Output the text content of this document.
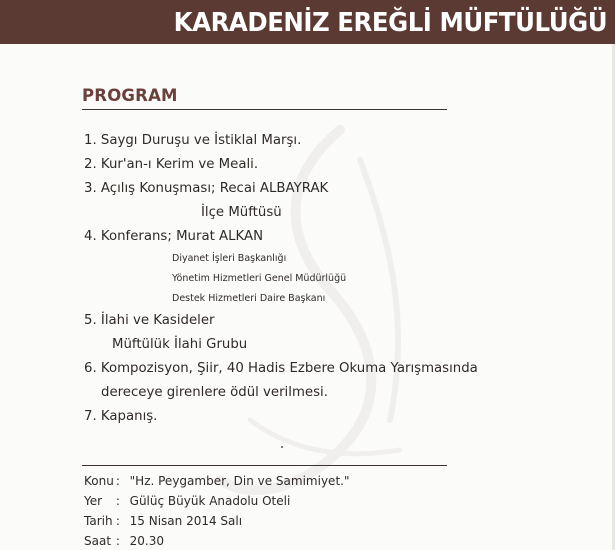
KARADENİZ EREĞLİ MÜFTÜLÜĞÜ
PROGRAM
1. Saygı Duruşu ve İstiklal Marşı.
2. Kur'an-ı Kerim ve Meali.
3. Açılış Konuşması; Recai ALBAYRAK
İlçe Müftüsü
4. Konferans; Murat ALKAN
Diyanet İşleri Başkanlığı
Yönetim Hizmetleri Genel Müdürlüğü
Destek Hizmetleri Daire Başkanı
5. İlahi ve Kasideler
Müftülük İlahi Grubu
6. Kompozisyon, Şiir, 40 Hadis Ezbere Okuma Yarışmasında
dereceye girenlere ödül verilmesi.
7. Kapanış.
Konu : "Hz. Peygamber, Din ve Samimiyet."
Yer : Gülüç Büyük Anadolu Oteli
Tarih : 15 Nisan 2014 Salı
Saat : 20.30
